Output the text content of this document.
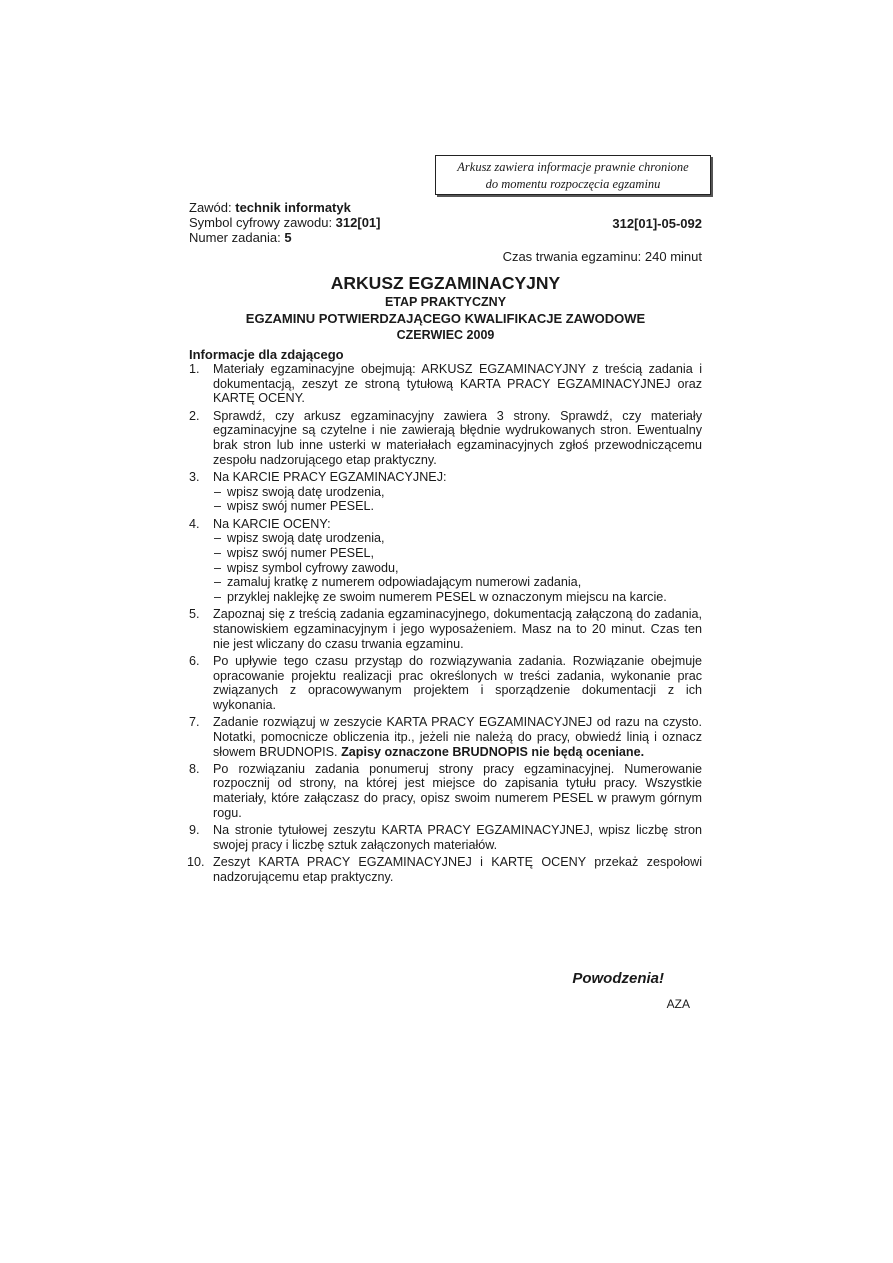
Arkusz zawiera informacje prawnie chronione
do momentu rozpoczęcia egzaminu
Zawód: technik informatyk
Symbol cyfrowy zawodu: 312[01]
Numer zadania: 5
312[01]-05-092
Czas trwania egzaminu: 240 minut
ARKUSZ EGZAMINACYJNY
ETAP PRAKTYCZNY
EGZAMINU POTWIERDZAJĄCEGO KWALIFIKACJE ZAWODOWE
CZERWIEC 2009
Informacje dla zdającego
1.	Materiały egzaminacyjne obejmują: ARKUSZ EGZAMINACYJNY z treścią zadania i dokumentacją, zeszyt ze stroną tytułową KARTA PRACY EGZAMINACYJNEJ oraz KARTĘ OCENY.
2.	Sprawdź, czy arkusz egzaminacyjny zawiera 3 strony. Sprawdź, czy materiały egzaminacyjne są czytelne i nie zawierają błędnie wydrukowanych stron. Ewentualny brak stron lub inne usterki w materiałach egzaminacyjnych zgłoś przewodniczącemu zespołu nadzorującego etap praktyczny.
3.	Na KARCIE PRACY EGZAMINACYJNEJ:
– wpisz swoją datę urodzenia,
– wpisz swój numer PESEL.
4.	Na KARCIE OCENY:
– wpisz swoją datę urodzenia,
– wpisz swój numer PESEL,
– wpisz symbol cyfrowy zawodu,
– zamaluj kratkę z numerem odpowiadającym numerowi zadania,
– przyklej naklejkę ze swoim numerem PESEL w oznaczonym miejscu na karcie.
5.	Zapoznaj się z treścią zadania egzaminacyjnego, dokumentacją załączoną do zadania, stanowiskiem egzaminacyjnym i jego wyposażeniem. Masz na to 20 minut. Czas ten nie jest wliczany do czasu trwania egzaminu.
6.	Po upływie tego czasu przystąp do rozwiązywania zadania. Rozwiązanie obejmuje opracowanie projektu realizacji prac określonych w treści zadania, wykonanie prac związanych z opracowywanym projektem i sporządzenie dokumentacji z ich wykonania.
7.	Zadanie rozwiązuj w zeszycie KARTA PRACY EGZAMINACYJNEJ od razu na czysto. Notatki, pomocnicze obliczenia itp., jeżeli nie należą do pracy, obwiedź linią i oznacz słowem BRUDNOPIS. Zapisy oznaczone BRUDNOPIS nie będą oceniane.
8.	Po rozwiązaniu zadania ponumeruj strony pracy egzaminacyjnej. Numerowanie rozpocznij od strony, na której jest miejsce do zapisania tytułu pracy. Wszystkie materiały, które załączasz do pracy, opisz swoim numerem PESEL w prawym górnym rogu.
9.	Na stronie tytułowej zeszytu KARTA PRACY EGZAMINACYJNEJ, wpisz liczbę stron swojej pracy i liczbę sztuk załączonych materiałów.
10. Zeszyt KARTA PRACY EGZAMINACYJNEJ i KARTĘ OCENY przekaż zespołowi nadzorującemu etap praktyczny.
Powodzenia!
AZA
